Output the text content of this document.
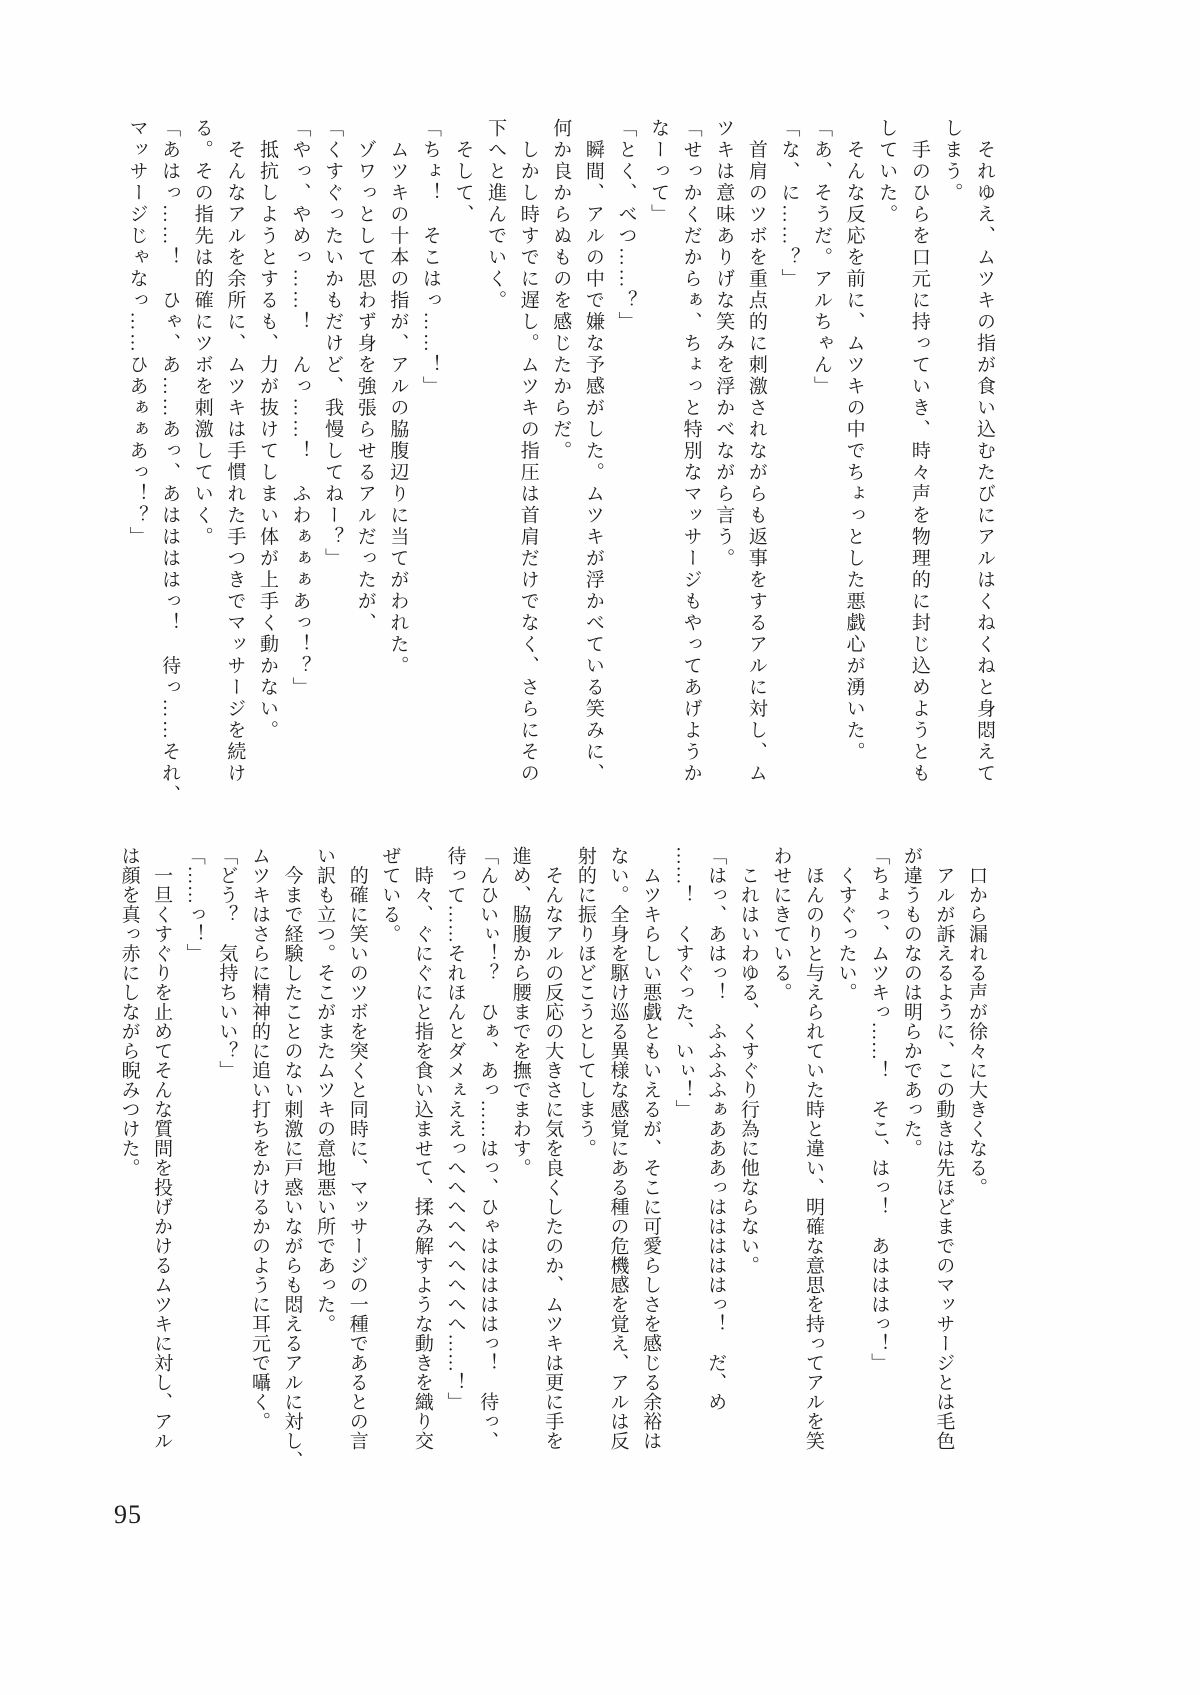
　それゆえ、ムツキの指が食い込むたびにアルはくねくねと身悶えて
しまう。
　手のひらを口元に持っていき、時々声を物理的に封じ込めようとも
していた。
　そんな反応を前に、ムツキの中でちょっとした悪戯心が湧いた。
「あ、そうだ。アルちゃん」
「な、に……？」
　首肩のツボを重点的に刺激されながらも返事をするアルに対し、ム
ツキは意味ありげな笑みを浮かべながら言う。
「せっかくだからぁ、ちょっと特別なマッサージもやってあげようか
なーって」
「とく、べつ……？」
　瞬間、アルの中で嫌な予感がした。ムツキが浮かべている笑みに、
何か良からぬものを感じたからだ。
　しかし時すでに遅し。ムツキの指圧は首肩だけでなく、さらにその
下へと進んでいく。
　そして、
「ちょ！　そこはっ……！」
　ムツキの十本の指が、アルの脇腹辺りに当てがわれた。
　ゾワっとして思わず身を強張らせるアルだったが、
「くすぐったいかもだけど、我慢してねー？」
「やっ、やめっ……！　んっ……！　ふわぁぁぁあっ！？」
　抵抗しようとするも、力が抜けてしまい体が上手く動かない。
　そんなアルを余所に、ムツキは手慣れた手つきでマッサージを続け
る。その指先は的確にツボを刺激していく。
「あはっ……！　ひゃ、あ……あっ、あははははっ！　待っ……それ、
マッサージじゃなっ……ひあぁぁあっ！？」
　口から漏れる声が徐々に大きくなる。
　アルが訴えるように、この動きは先ほどまでのマッサージとは毛色
が違うものなのは明らかであった。
「ちょっ、ムツキっ……！　そこ、はっ！　あはははっ！」
　くすぐったい。
　ほんのりと与えられていた時と違い、明確な意思を持ってアルを笑
わせにきている。
　これはいわゆる、くすぐり行為に他ならない。
「はっ、あはっ！　ふふふふぁあああっはははははっ！　だ、め
……！　くすぐった、いぃ！」
　ムツキらしい悪戯ともいえるが、そこに可愛らしさを感じる余裕は
ない。全身を駆け巡る異様な感覚にある種の危機感を覚え、アルは反
射的に振りほどこうとしてしまう。
　そんなアルの反応の大きさに気を良くしたのか、ムツキは更に手を
進め、脇腹から腰までを撫でまわす。
「んひいぃ！？　ひぁ、あっ……はっ、ひゃはははははっ！　待っ、
待って……それほんとダメぇええっへへへへへへへへへ……！」
　時々、ぐにぐにと指を食い込ませて、揉み解すような動きを織り交
ぜている。
　的確に笑いのツボを突くと同時に、マッサージの一種であるとの言
い訳も立つ。そこがまたムツキの意地悪い所であった。
　今まで経験したことのない刺激に戸惑いながらも悶えるアルに対し、
ムツキはさらに精神的に追い打ちをかけるかのように耳元で囁く。
「どう？　気持ちいい？」
「……っ！」
　一旦くすぐりを止めてそんな質問を投げかけるムツキに対し、アル
は顔を真っ赤にしながら睨みつけた。
95
